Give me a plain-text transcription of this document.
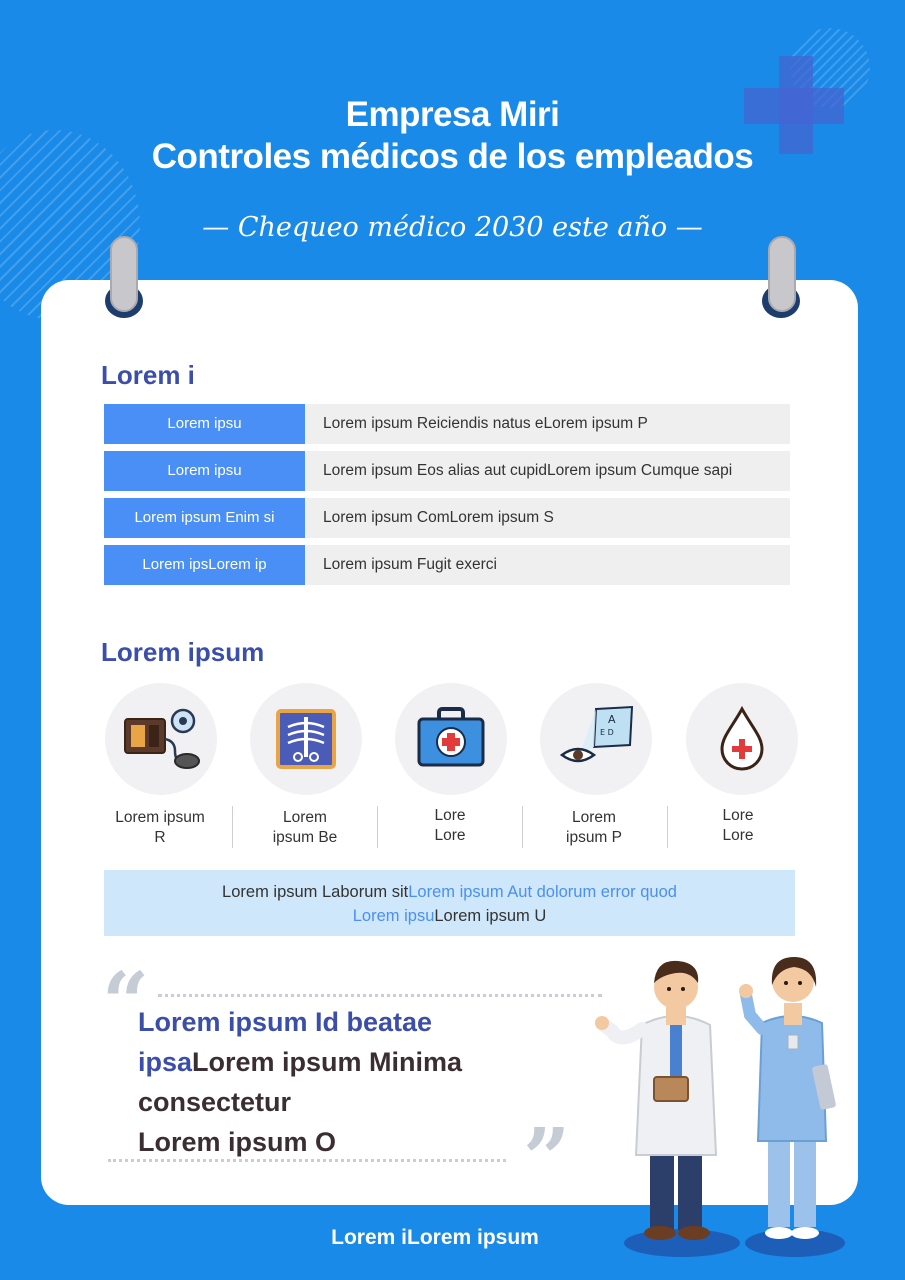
Empresa Miri
Controles médicos de los empleados
— Chequeo médico 2030 este año —
Lorem i
Lorem ipsu	Lorem ipsum Reiciendis natus eLorem ipsum P
Lorem ipsu	Lorem ipsum Eos alias aut cupidLorem ipsum Cumque sapi
Lorem ipsum Enim si	Lorem ipsum ComLorem ipsum S
Lorem ipsLorem ip	Lorem ipsum Fugit exerci
Lorem ipsum
A
E D
Lorem ipsum
R
Lorem
ipsum Be
Lore
Lore
Lorem
ipsum P
Lore
Lore
Lorem ipsum Laborum sitLorem ipsum Aut dolorum error quod
Lorem ipsuLorem ipsum U
“
Lorem ipsum Id beatae
ipsaLorem ipsum Minima
consectetur
Lorem ipsum O	”
Lorem iLorem ipsum
